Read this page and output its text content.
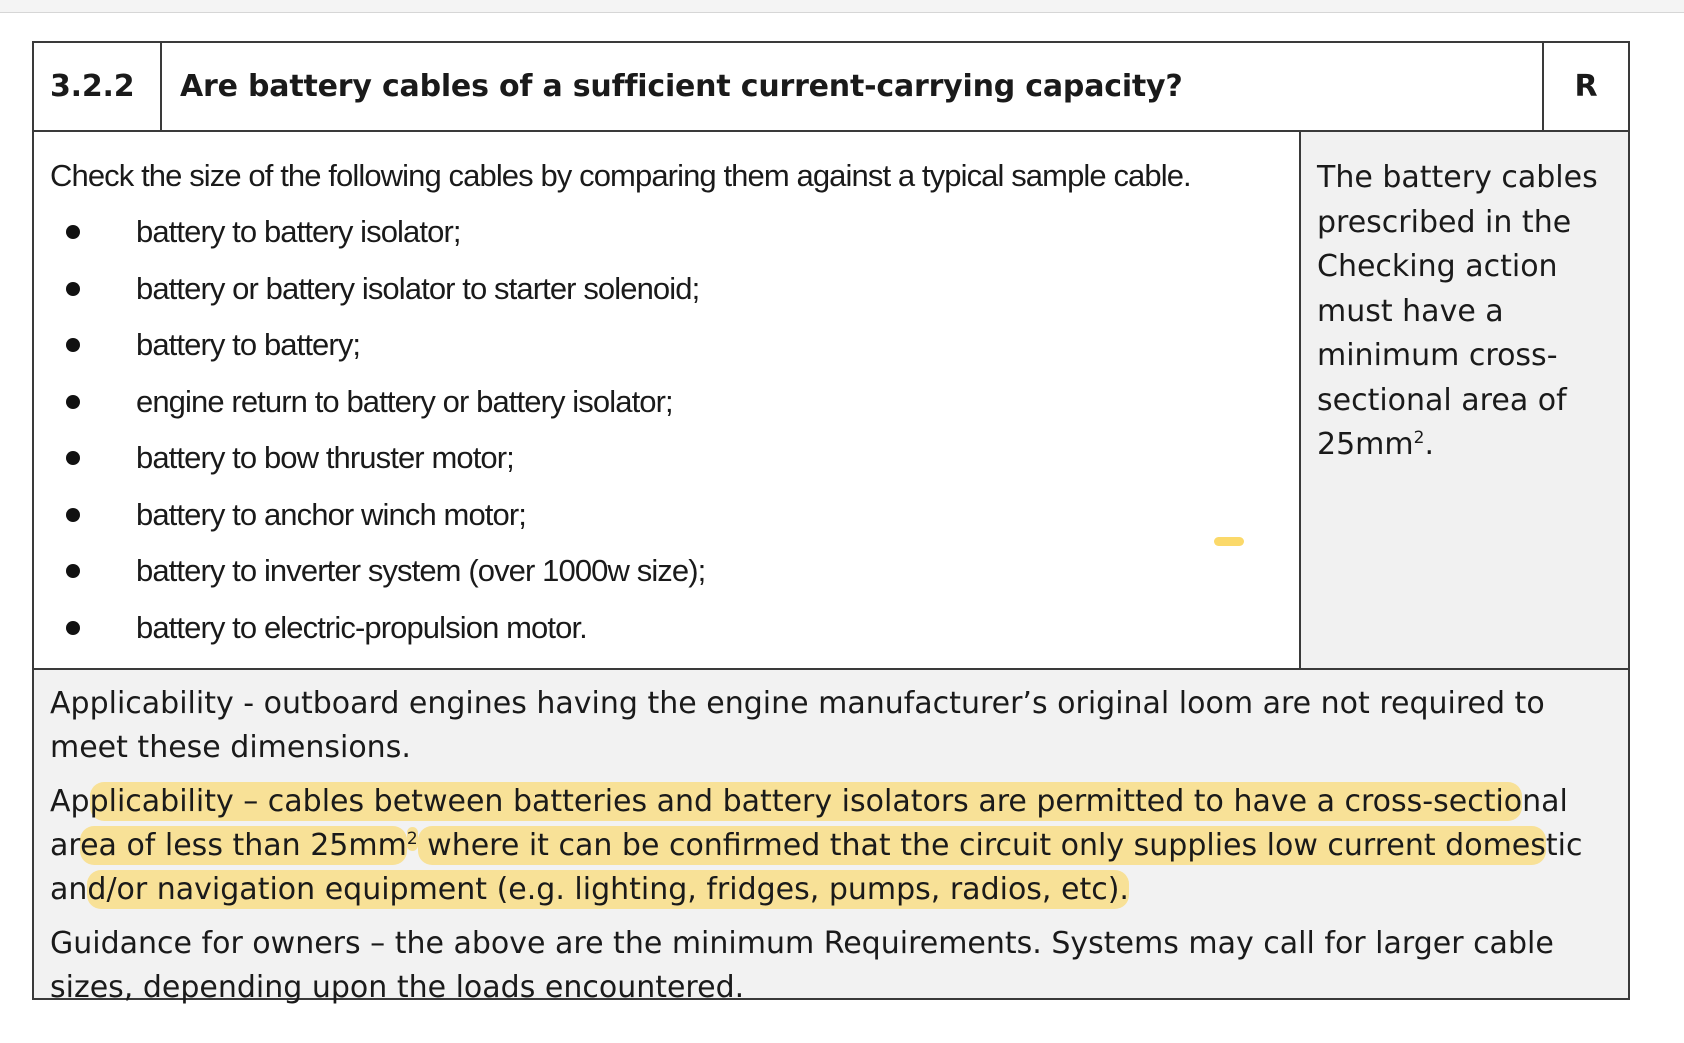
3.2.2	Are battery cables of a sufficient current-carrying capacity?	R

Check the size of the following cables by comparing them against a typical sample cable.

battery to battery isolator;
battery or battery isolator to starter solenoid;
battery to battery;
engine return to battery or battery isolator;
battery to bow thruster motor;
battery to anchor winch motor;
battery to inverter system (over 1000w size);
battery to electric-propulsion motor.
The battery cables prescribed in the Checking action must have a minimum cross-sectional area of $25mm^2$.

Applicability - outboard engines having the engine manufacturer’s original loom are not required to meet these dimensions.

Applicability – cables between batteries and battery isolators are permitted to have a cross-sectional area of less than $25mm^2$ where it can be confirmed that the circuit only supplies low current domestic and/or navigation equipment (e.g. lighting, fridges, pumps, radios, etc).

Guidance for owners – the above are the minimum Requirements. Systems may call for larger cable sizes, depending upon the loads encountered.
